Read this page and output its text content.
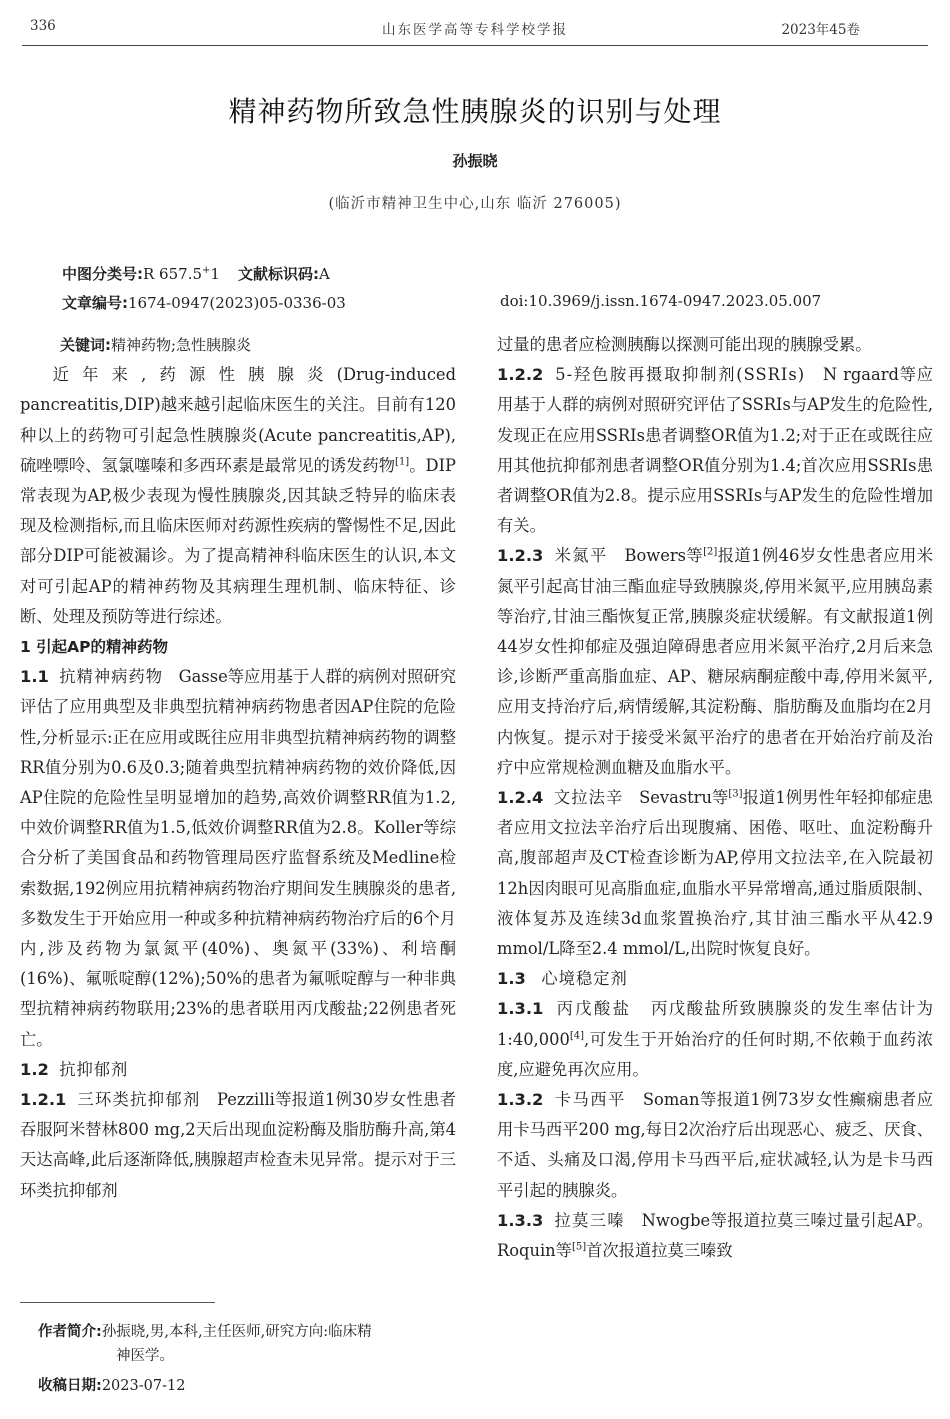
336	山东医学高等专科学校学报	2023年45卷
精神药物所致急性胰腺炎的识别与处理
孙振晓
(临沂市精神卫生中心,山东 临沂 276005)
中图分类号:R 657.5+1 文献标识码:A
文章编号:1674-0947(2023)05-0336-03	doi:10.3969/j.issn.1674-0947.2023.05.007

关键词:精神药物;急性胰腺炎

近年来,药源性胰腺炎(Drug-induced pancreatitis,DIP)越来越引起临床医生的关注。目前有120种以上的药物可引起急性胰腺炎(Acute pancreatitis,AP),硫唑嘌呤、氢氯噻嗪和多西环素是最常见的诱发药物[1]。DIP常表现为AP,极少表现为慢性胰腺炎,因其缺乏特异的临床表现及检测指标,而且临床医师对药源性疾病的警惕性不足,因此部分DIP可能被漏诊。为了提高精神科临床医生的认识,本文对可引起AP的精神药物及其病理生理机制、临床特征、诊断、处理及预防等进行综述。

1 引起AP的精神药物

1.1 抗精神病药物 Gasse等应用基于人群的病例对照研究评估了应用典型及非典型抗精神病药物患者因AP住院的危险性,分析显示:正在应用或既往应用非典型抗精神病药物的调整RR值分别为0.6及0.3;随着典型抗精神病药物的效价降低,因AP住院的危险性呈明显增加的趋势,高效价调整RR值为1.2,中效价调整RR值为1.5,低效价调整RR值为2.8。Koller等综合分析了美国食品和药物管理局医疗监督系统及Medline检索数据,192例应用抗精神病药物治疗期间发生胰腺炎的患者,多数发生于开始应用一种或多种抗精神病药物治疗后的6个月内,涉及药物为氯氮平(40%)、奥氮平(33%)、利培酮(16%)、氟哌啶醇(12%);50%的患者为氟哌啶醇与一种非典型抗精神病药物联用;23%的患者联用丙戊酸盐;22例患者死亡。

1.2 抗抑郁剂

1.2.1 三环类抗抑郁剂 Pezzilli等报道1例30岁女性患者吞服阿米替林800 mg,2天后出现血淀粉酶及脂肪酶升高,第4天达高峰,此后逐渐降低,胰腺超声检查未见异常。提示对于三环类抗抑郁剂

过量的患者应检测胰酶以探测可能出现的胰腺受累。

1.2.2 5-羟色胺再摄取抑制剂(SSRIs) N rgaard等应用基于人群的病例对照研究评估了SSRIs与AP发生的危险性,发现正在应用SSRIs患者调整OR值为1.2;对于正在或既往应用其他抗抑郁剂患者调整OR值分别为1.4;首次应用SSRIs患者调整OR值为2.8。提示应用SSRIs与AP发生的危险性增加有关。

1.2.3 米氮平 Bowers等[2]报道1例46岁女性患者应用米氮平引起高甘油三酯血症导致胰腺炎,停用米氮平,应用胰岛素等治疗,甘油三酯恢复正常,胰腺炎症状缓解。有文献报道1例44岁女性抑郁症及强迫障碍患者应用米氮平治疗,2月后来急诊,诊断严重高脂血症、AP、糖尿病酮症酸中毒,停用米氮平,应用支持治疗后,病情缓解,其淀粉酶、脂肪酶及血脂均在2月内恢复。提示对于接受米氮平治疗的患者在开始治疗前及治疗中应常规检测血糖及血脂水平。

1.2.4 文拉法辛 Sevastru等[3]报道1例男性年轻抑郁症患者应用文拉法辛治疗后出现腹痛、困倦、呕吐、血淀粉酶升高,腹部超声及CT检查诊断为AP,停用文拉法辛,在入院最初12h因肉眼可见高脂血症,血脂水平异常增高,通过脂质限制、液体复苏及连续3d血浆置换治疗,其甘油三酯水平从42.9 mmol/L降至2.4 mmol/L,出院时恢复良好。

1.3 心境稳定剂

1.3.1 丙戊酸盐 丙戊酸盐所致胰腺炎的发生率估计为1:40,000[4],可发生于开始治疗的任何时期,不依赖于血药浓度,应避免再次应用。

1.3.2 卡马西平 Soman等报道1例73岁女性癫痫患者应用卡马西平200 mg,每日2次治疗后出现恶心、疲乏、厌食、不适、头痛及口渴,停用卡马西平后,症状减轻,认为是卡马西平引起的胰腺炎。

1.3.3 拉莫三嗪 Nwogbe等报道拉莫三嗪过量引起AP。Roquin等[5]首次报道拉莫三嗪致

作者简介:孙振晓,男,本科,主任医师,研究方向:临床精
神医学。
收稿日期:2023-07-12
